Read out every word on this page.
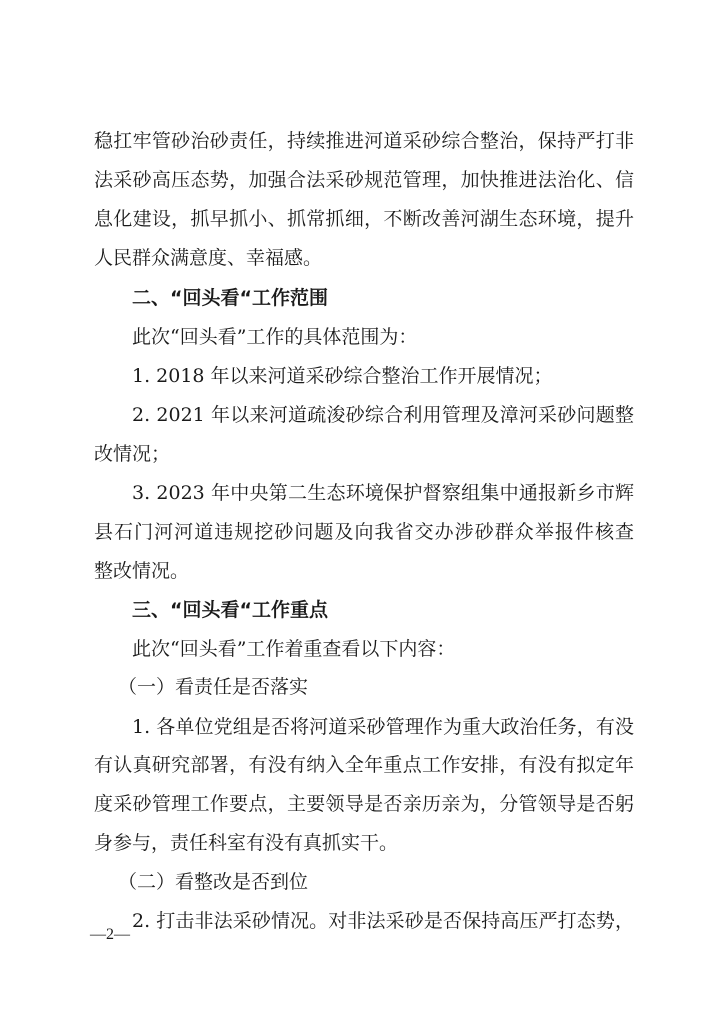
稳扛牢管砂治砂责任，持续推进河道采砂综合整治，保持严打非
法采砂高压态势，加强合法采砂规范管理，加快推进法治化、信
息化建设，抓早抓小、抓常抓细，不断改善河湖生态环境，提升
人民群众满意度、幸福感。
二、“回头看“工作范围
此次“回头看”工作的具体范围为：
1. 2018 年以来河道采砂综合整治工作开展情况；
2. 2021 年以来河道疏浚砂综合利用管理及漳河采砂问题整
改情况；
3. 2023 年中央第二生态环境保护督察组集中通报新乡市辉
县石门河河道违规挖砂问题及向我省交办涉砂群众举报件核查
整改情况。
三、“回头看“工作重点
此次“回头看”工作着重查看以下内容：
（一）看责任是否落实
1. 各单位党组是否将河道采砂管理作为重大政治任务，有没
有认真研究部署，有没有纳入全年重点工作安排，有没有拟定年
度采砂管理工作要点，主要领导是否亲历亲为，分管领导是否躬
身参与，责任科室有没有真抓实干。
（二）看整改是否到位
2. 打击非法采砂情况。对非法采砂是否保持高压严打态势，
—2—
